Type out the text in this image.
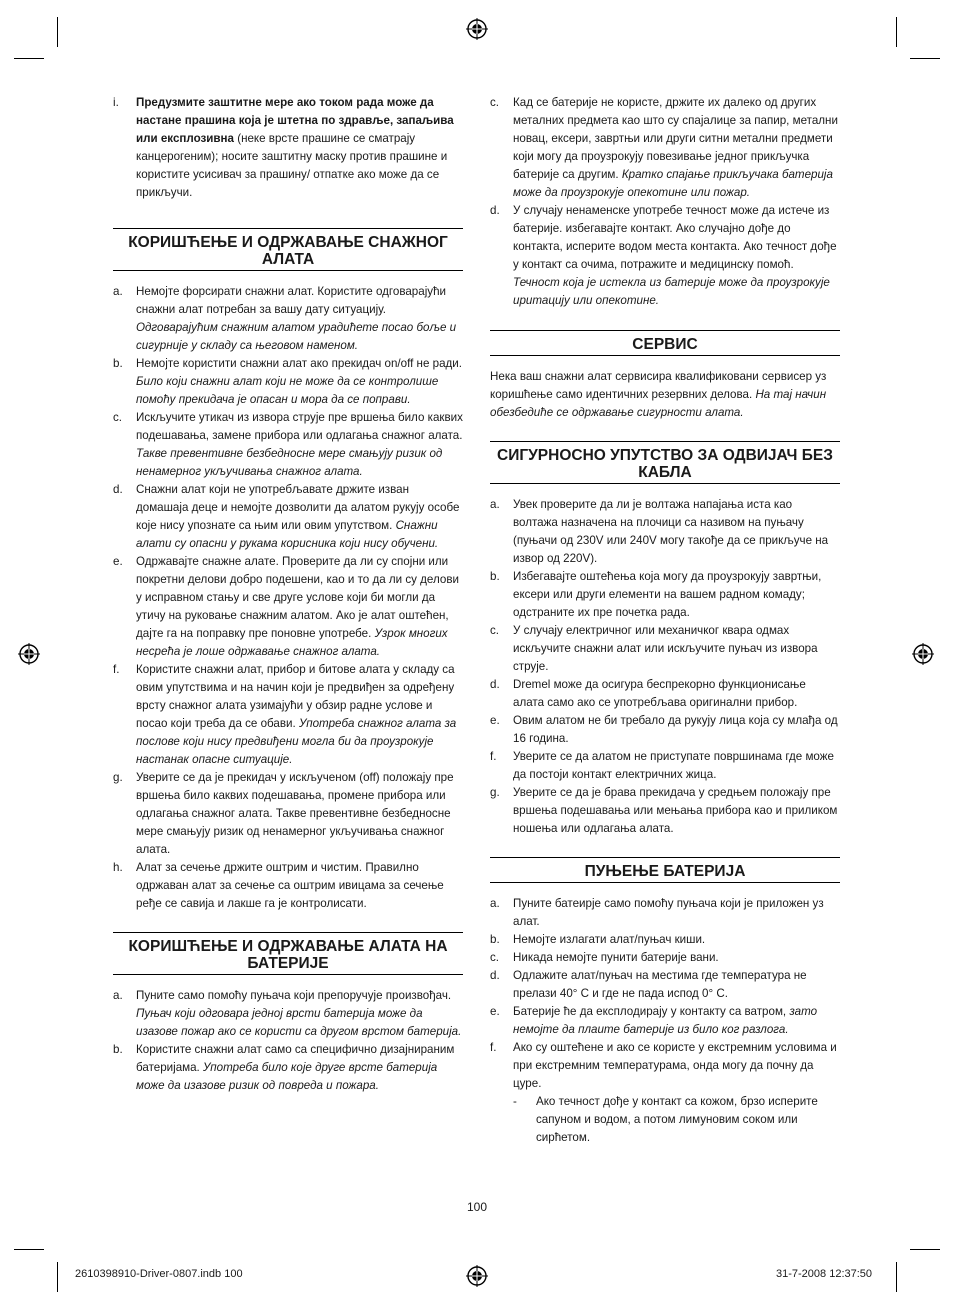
i.	Предузмите заштитне мере ако током рада може да настане прашина која је штетна по здравље, запаљива или експлозивна (неке врсте прашине се сматрају канцерогеним); носите заштитну маску против прашине и користите усисивач за прашину/ отпатке ако може да се прикључи.
КОРИШЋЕЊЕ И ОДРЖАВАЊЕ СНАЖНОГ АЛАТА
a.	Немојте форсирати снажни алат. Користите одговарајући снажни алат потребан за вашу дату ситуацију. Одговарајућим снажним алатом урадићете посао боље и сигурније у складу са његовом наменом.
b.	Немојте користити снажни алат ако прекидач on/off не ради. Било који снажни алат који не може да се контролише помоћу прекидача је опасан и мора да се поправи.
c.	Искључите утикач из извора струје пре вршења било каквих подешавања, замене прибора или одлагања снажног алата. Такве превентивне безбедносне мере смањују ризик од ненамерног укључивања снажног алата.
d.	Снажни алат који не употребљавате држите изван домашаја деце и немојте дозволити да алатом рукују особе које нису упознате са њим или овим упутством. Снажни алати су опасни у рукама корисника који нису обучени.
e.	Одржавајте снажне алате. Проверите да ли су спојни или покретни делови добро подешени, као и то да ли су делови у исправном стању и све друге услове који би могли да утичу на руковање снажним алатом. Ако је алат оштећен, дајте га на поправку пре поновне употребе. Узрок многих несрећа је лоше одржавање снажног алата.
f.	Користите снажни алат, прибор и битове алата у складу са овим упутствима и на начин који је предвиђен за одређену врсту снажног алата узимајући у обзир радне услове и посао који треба да се обави. Употреба снажног алата за послове који нису предвиђени могла би да проузрокује настанак опасне ситуације.
g.	Уверите се да је прекидач у искљученом (off) положају пре вршења било каквих подешавања, промене прибора или одлагања снажног алата. Такве превентивне безбедносне мере смањују ризик од ненамерног укључивања снажног алата.
h.	Алат за сечење држите оштрим и чистим. Правилно одржаван алат за сечење са оштрим ивицама за сечење ређе се савија и лакше га је контролисати.
КОРИШЋЕЊЕ И ОДРЖАВАЊЕ АЛАТА НА БАТЕРИЈЕ
a.	Пуните само помоћу пуњача који препоручује произвођач. Пуњач који одговара једној врсти батерија може да изазове пожар ако се користи са другом врстом батерија.
b.	Користите снажни алат само са специфично дизајнираним батеријама. Употреба било које друге врсте батерија може да изазове ризик од повреда и пожара.
c.	Кад се батерије не користе, држите их далеко од других металних предмета као што су спајалице за папир, метални новац, ексери, завртњи или други ситни метални предмети који могу да проузрокују повезивање једног прикључка батерије са другим. Кратко спајање прикључака батерија може да проузрокује опекотине или пожар.
d.	У случају ненаменске употребе течност може да истече из батерије. избегавајте контакт. Ако случајно дође до контакта, исперите водом места контакта. Ако течност дође у контакт са очима, потражите и медицинску помоћ. Течност која је истекла из батерије може да проузрокује иритацију или опекотине.
СЕРВИС

Нека ваш снажни алат сервисира квалификовани сервисер уз коришћење само идентичних резервних делова. На тај начин обезбедиће се одржавање сигурности алата.

СИГУРНОСНО УПУТСТВО ЗА ОДВИЈАЧ БЕЗ КАБЛА
a.	Увек проверите да ли је волтажа напајања иста као волтажа назначена на плочици са називом на пуњачу (пуњачи од 230V или 240V могу такође да се прикључе на извор од 220V).
b.	Избегавајте оштећења која могу да проузрокују завртњи, ексери или други елементи на вашем радном комаду; одстраните их пре почетка рада.
c.	У случају електричног или механичког квара одмах искључите снажни алат или искључите пуњач из извора струје.
d.	Dremel може да осигура беспрекорно функционисање алата само ако се употребљава оригинални прибор.
e.	Овим алатом не би требало да рукују лица која су млађа од 16 година.
f.	Уверите се да алатом не приступате површинама где може да постоји контакт електричних жица.
g.	Уверите се да је брава прекидача у средњем положају пре вршења подешавања или мењања прибора као и приликом ношења или одлагања алата.
ПУЊЕЊЕ БАТЕРИЈА
a.	Пуните батеирје само помоћу пуњача који је приложен уз алат.
b.	Немојте излагати алат/пуњач киши.
c.	Никада немојте пунити батерије вани.
d.	Одлажите алат/пуњач на местима где температура не прелази 40° C и где не пада испод 0° C.
e.	Батерије ће да експлодирају у контакту са ватром, зато немојте да плаите батерије из било ког разлога.
f.	Ако су оштећене и ако се користе у екстремним условима и при екстремним температурама, онда могу да почну да цуре.
-	Ако течност дође у контакт са кожом, брзо исперите сапуном и водом, а потом лимуновим соком или сирћетом.
100
2610398910-Driver-0807.indb 100	31-7-2008 12:37:50
